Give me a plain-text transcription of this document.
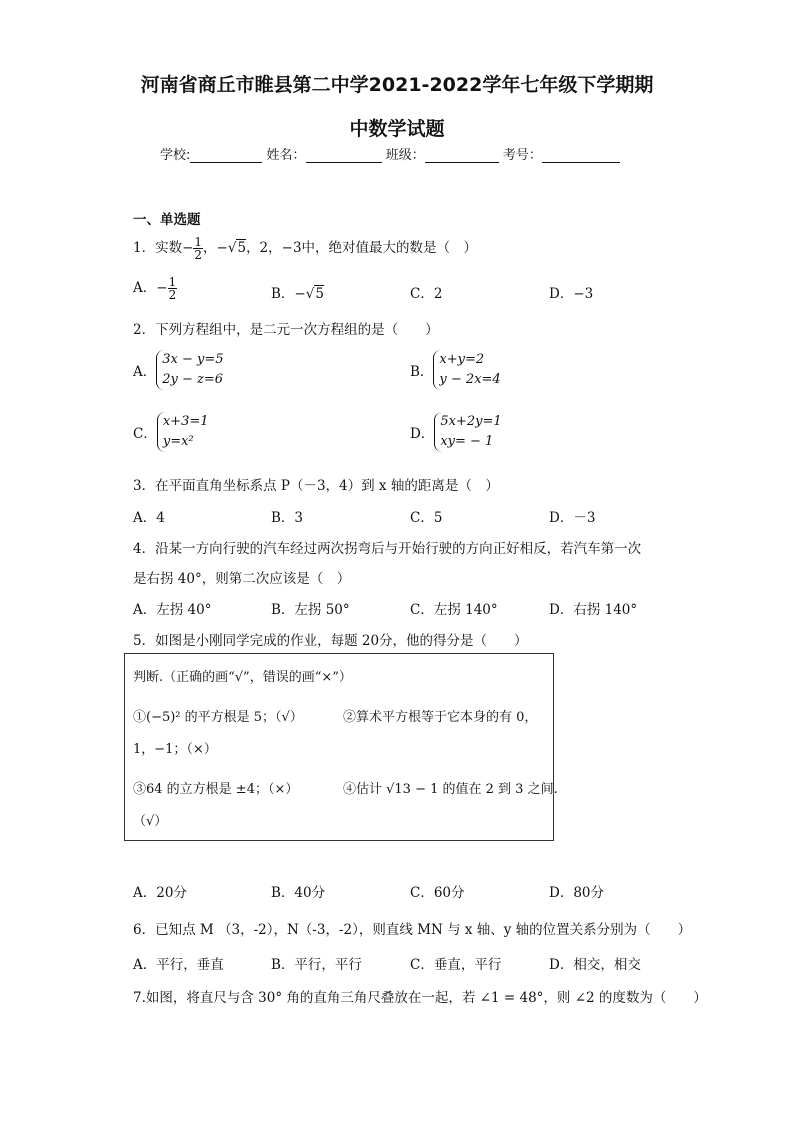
河南省商丘市睢县第二中学2021-2022学年七年级下学期期
中数学试题
学校:	姓名：	班级：	考号：
一、单选题
1．实数− $\frac{1}{2}$ ，−√5，2，−3中，绝对值最大的数是（　）
A．− $\frac{1}{2}$	B．−√5	C．2	D．−3
2．下列方程组中，是二元一次方程组的是（　　）
A．3x − y=5
2y − z=6	B．x+y=2
y − 2x=4
C．x+3=1
y=x²	D．5x+2y=1
xy= − 1
3．在平面直角坐标系点 P（－3，4）到 x 轴的距离是（　）
A．4	B．3	C．5	D．－3
4．沿某一方向行驶的汽车经过两次拐弯后与开始行驶的方向正好相反，若汽车第一次
是右拐 40°，则第二次应该是（　）
A．左拐 40°	B．左拐 50°	C．左拐 140°	D．右拐 140°
5．如图是小刚同学完成的作业，每题 20分，他的得分是（　　）
判断.（正确的画“√”，错误的画“×”）
①(−5)² 的平方根是 5；（√）	②算术平方根等于它本身的有 0，
1，−1；（×）
③64 的立方根是 ±4；（×）	④估计 √13 − 1 的值在 2 到 3 之间.
（√）
A．20分	B．40分	C．60分	D．80分
6．已知点 M （3，-2），N（-3，-2），则直线 MN 与 x 轴、y 轴的位置关系分别为（　　）
A．平行，垂直	B．平行，平行	C．垂直，平行	D．相交，相交
7.如图，将直尺与含 30° 角的直角三角尺叠放在一起，若 ∠1 = 48°，则 ∠2 的度数为（　　）
